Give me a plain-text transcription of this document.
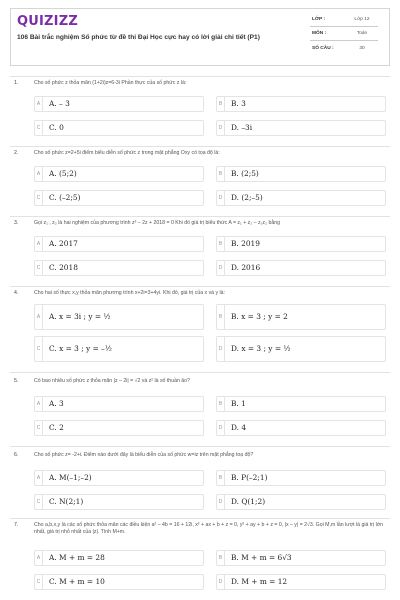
QUIZIZZ
106 Bài trắc nghiệm Số phức từ đề thi Đại Học cực hay có lời giải chi tiết (P1)
LỚP :	Lớp 12
MÔN :	Toán
SỐ CÂU :	30
1.	Cho số phức z thỏa mãn (1+2i)z=6-3i Phần thực của số phức z là:
A	A. – 3	B	B. 3
C	C. 0	D	D. –3i
2.	Cho số phức z=2+5i điểm biểu diễn số phức z trong mặt phẳng Oxy có tọa độ là:
A	A. (5;2)	B	B. (2;5)
C	C. (–2;5)	D	D. (2;–5)
3.	Gọi z₁ , z₂ là hai nghiệm của phương trình z² – 2z + 2018 = 0 Khi đó giá trị biểu thức A = z₁ + z₂ – z₁z₂ bằng
A	A. 2017	B	B. 2019
C	C. 2018	D	D. 2016
4.	Cho hai số thực x,y thỏa mãn phương trình x+2i=3+4yi. Khi đó, giá trị của x và y là:
A	A. x = 3i ; y = ½	B	B. x = 3 ; y = 2
C	C. x = 3 ; y = –½	D	D. x = 3 ; y = ½
5.	Có bao nhiêu số phức z thỏa mãn |z – 2i| = √2 và z² là số thuần ảo?
A	A. 3	B	B. 1
C	C. 2	D	D. 4
6.	Cho số phức z= -2+i. Điểm nào dưới đây là biểu diễn của số phức w=iz trên mặt phẳng toạ độ?
A	A. M(–1;–2)	B	B. P(–2;1)
C	C. N(2;1)	D	D. Q(1;2)
7.	Cho a,b,x,y là các số phức thỏa mãn các điều kiện a² – 4b = 16 + 12i, x² + ax + b + z = 0, y² + ay + b + z = 0, |x – y| = 2√3. Gọi M,m lần lượt là giá trị lớn nhất, giá trị nhỏ nhất của |z|. Tính M+m.
A	A. M + m = 28	B	B. M + m = 6√3
C	C. M + m = 10	D	D. M + m = 12
